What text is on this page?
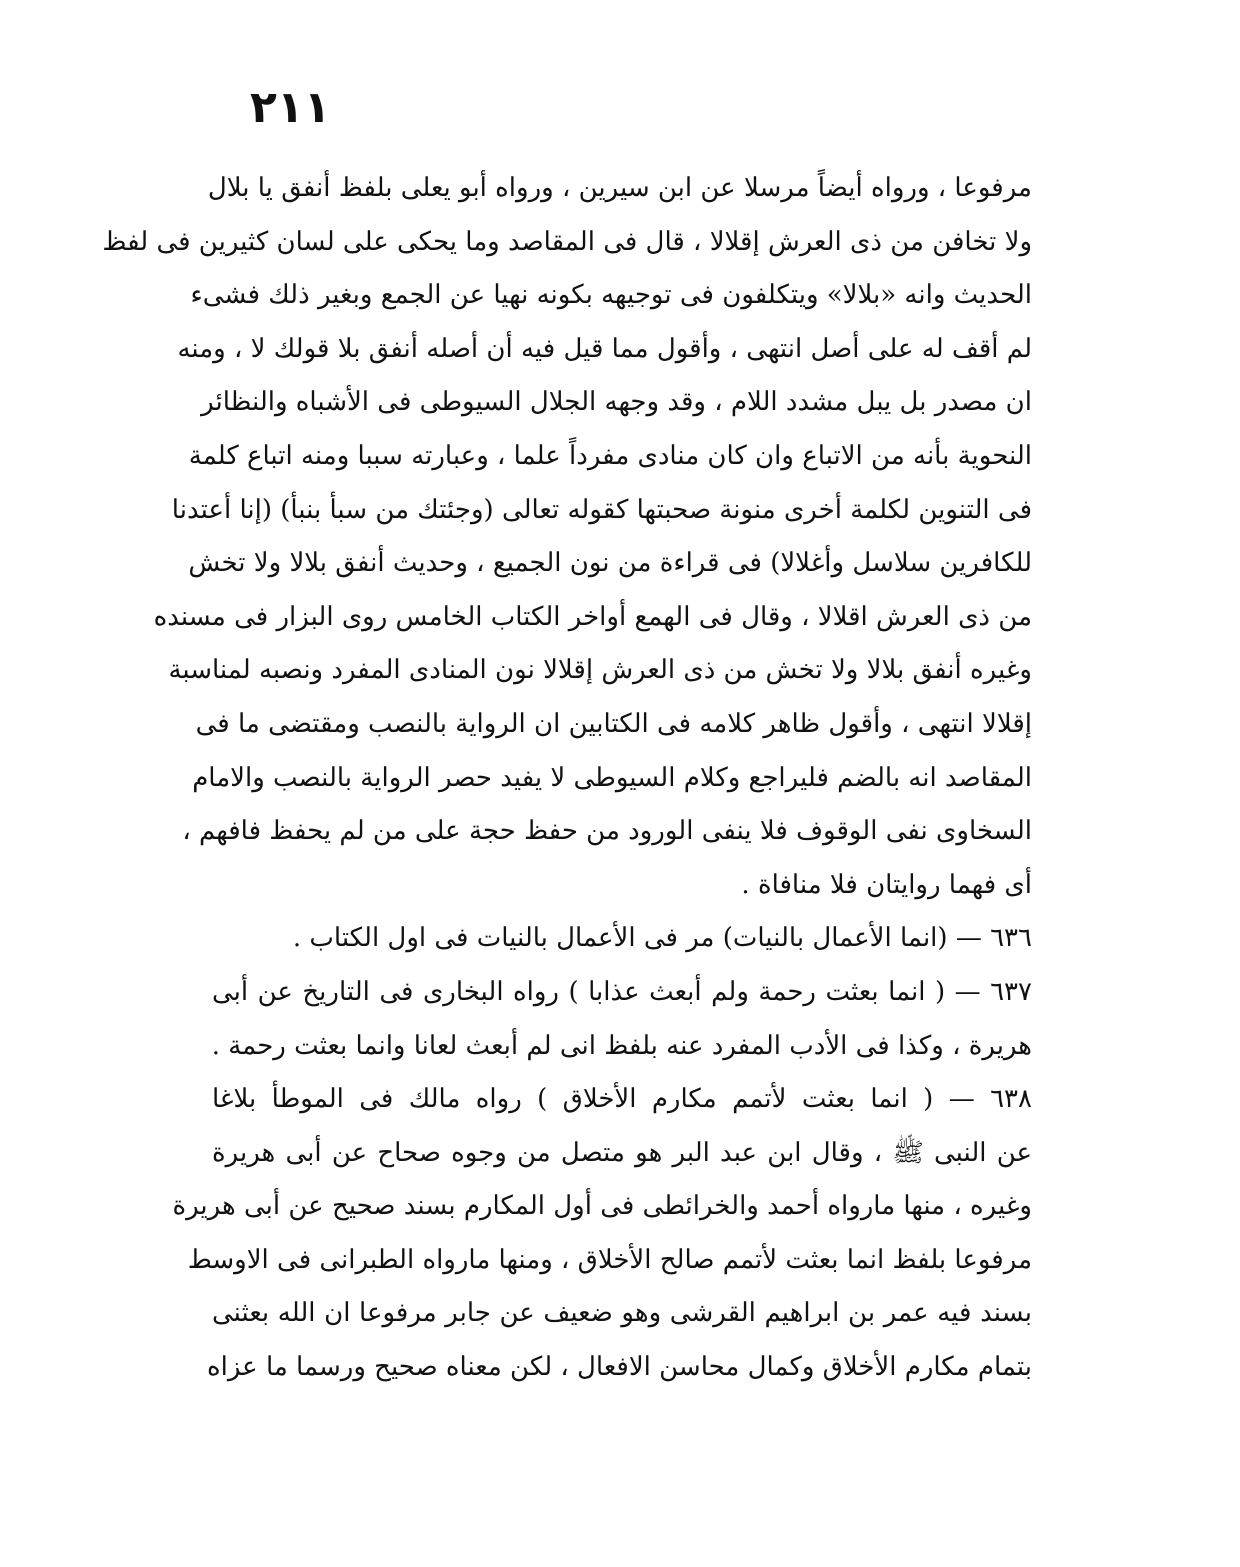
٢١١
مرفوعا ، ورواه أيضاً مرسلا عن ابن سيرين ، ورواه أبو يعلى بلفظ أنفق يا بلال
ولا تخافن من ذى العرش إقلالا ، قال فى المقاصد وما يحكى على لسان كثيرين فى لفظ
الحديث وانه «بلالا» ويتكلفون فى توجيهه بكونه نهيا عن الجمع وبغير ذلك فشىء
لم أقف له على أصل انتهى ، وأقول مما قيل فيه أن أصله أنفق بلا قولك لا ، ومنه
ان مصدر بل يبل مشدد اللام ، وقد وجهه الجلال السيوطى فى الأشباه والنظائر
النحوية بأنه من الاتباع وان كان منادى مفرداً علما ، وعبارته سببا ومنه اتباع كلمة
فى التنوين لكلمة أخرى منونة صحبتها كقوله تعالى (وجئتك من سبأ بنبأ) (إنا أعتدنا
للكافرين سلاسل وأغلالا) فى قراءة من نون الجميع ، وحديث أنفق بلالا ولا تخش
من ذى العرش اقلالا ، وقال فى الهمع أواخر الكتاب الخامس روى البزار فى مسنده
وغيره أنفق بلالا ولا تخش من ذى العرش إقلالا نون المنادى المفرد ونصبه لمناسبة
إقلالا انتهى ، وأقول ظاهر كلامه فى الكتابين ان الرواية بالنصب ومقتضى ما فى
المقاصد انه بالضم فليراجع وكلام السيوطى لا يفيد حصر الرواية بالنصب والامام
السخاوى نفى الوقوف فلا ينفى الورود من حفظ حجة على من لم يحفظ فافهم ،
أى فهما روايتان فلا منافاة .
٦٣٦ — (انما الأعمال بالنيات) مر فى الأعمال بالنيات فى اول الكتاب .
٦٣٧ — ( انما بعثت رحمة ولم أبعث عذابا ) رواه البخارى فى التاريخ عن أبى
هريرة ، وكذا فى الأدب المفرد عنه بلفظ انى لم أبعث لعانا وانما بعثت رحمة .
٦٣٨ — ( انما بعثت لأتمم مكارم الأخلاق ) رواه مالك فى الموطأ بلاغا
عن النبى ﷺ ، وقال ابن عبد البر هو متصل من وجوه صحاح عن أبى هريرة
وغيره ، منها مارواه أحمد والخرائطى فى أول المكارم بسند صحيح عن أبى هريرة
مرفوعا بلفظ انما بعثت لأتمم صالح الأخلاق ، ومنها مارواه الطبرانى فى الاوسط
بسند فيه عمر بن ابراهيم القرشى وهو ضعيف عن جابر مرفوعا ان الله بعثنى
بتمام مكارم الأخلاق وكمال محاسن الافعال ، لكن معناه صحيح ورسما ما عزاه
